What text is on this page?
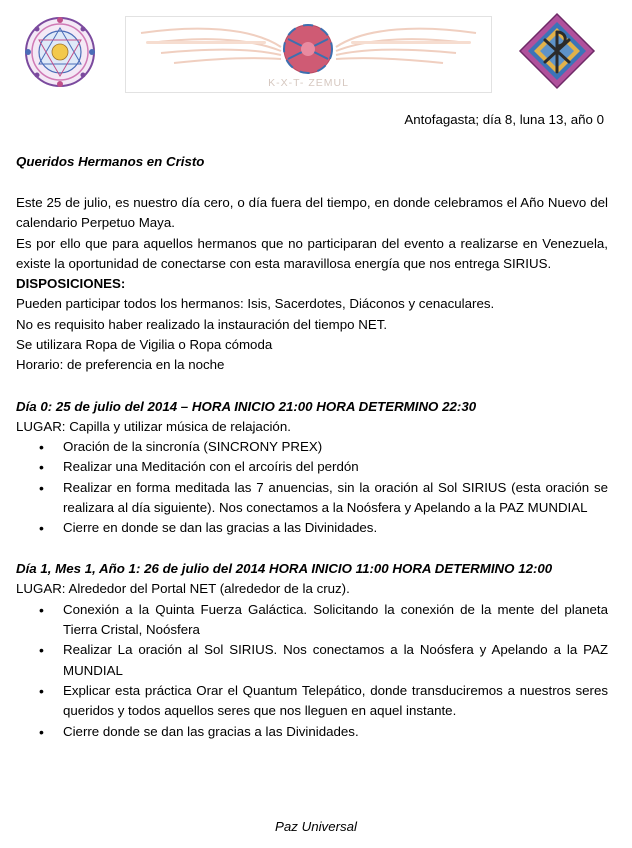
K-X-T- ZEMUL
Antofagasta; día 8, luna 13, año 0
Queridos Hermanos en Cristo

Este 25 de julio, es nuestro día cero, o día fuera del tiempo, en donde celebramos el Año Nuevo del calendario Perpetuo Maya.

Es por ello que para aquellos hermanos que no participaran del evento a realizarse en Venezuela, existe la oportunidad de conectarse con esta maravillosa energía que nos entrega SIRIUS.

DISPOSICIONES:

Pueden participar todos los hermanos: Isis, Sacerdotes, Diáconos y cenaculares.

No es requisito haber realizado la instauración del tiempo NET.

Se utilizara Ropa de Vigilia o Ropa cómoda

Horario: de preferencia en la noche

Día 0: 25 de julio del 2014 – HORA INICIO 21:00 HORA DETERMINO 22:30

LUGAR: Capilla y utilizar música de relajación.

• Oración de la sincronía (SINCRONY PREX)
• Realizar una Meditación con el arcoíris del perdón
• Realizar en forma meditada las 7 anuencias, sin la oración al Sol SIRIUS (esta oración se realizara al día siguiente). Nos conectamos a la Noósfera y Apelando a la PAZ MUNDIAL
• Cierre en donde se dan las gracias a las Divinidades.
Día 1, Mes 1, Año 1: 26 de julio del 2014 HORA INICIO 11:00 HORA DETERMINO 12:00

LUGAR: Alrededor del Portal NET (alrededor de la cruz).

• Conexión a la Quinta Fuerza Galáctica. Solicitando la conexión de la mente del planeta Tierra Cristal, Noósfera
• Realizar La oración al Sol SIRIUS. Nos conectamos a la Noósfera y Apelando a la PAZ MUNDIAL
• Explicar esta práctica Orar el Quantum Telepático, donde transduciremos a nuestros seres queridos y todos aquellos seres que nos lleguen en aquel instante.
• Cierre donde se dan las gracias a las Divinidades.
Paz Universal
